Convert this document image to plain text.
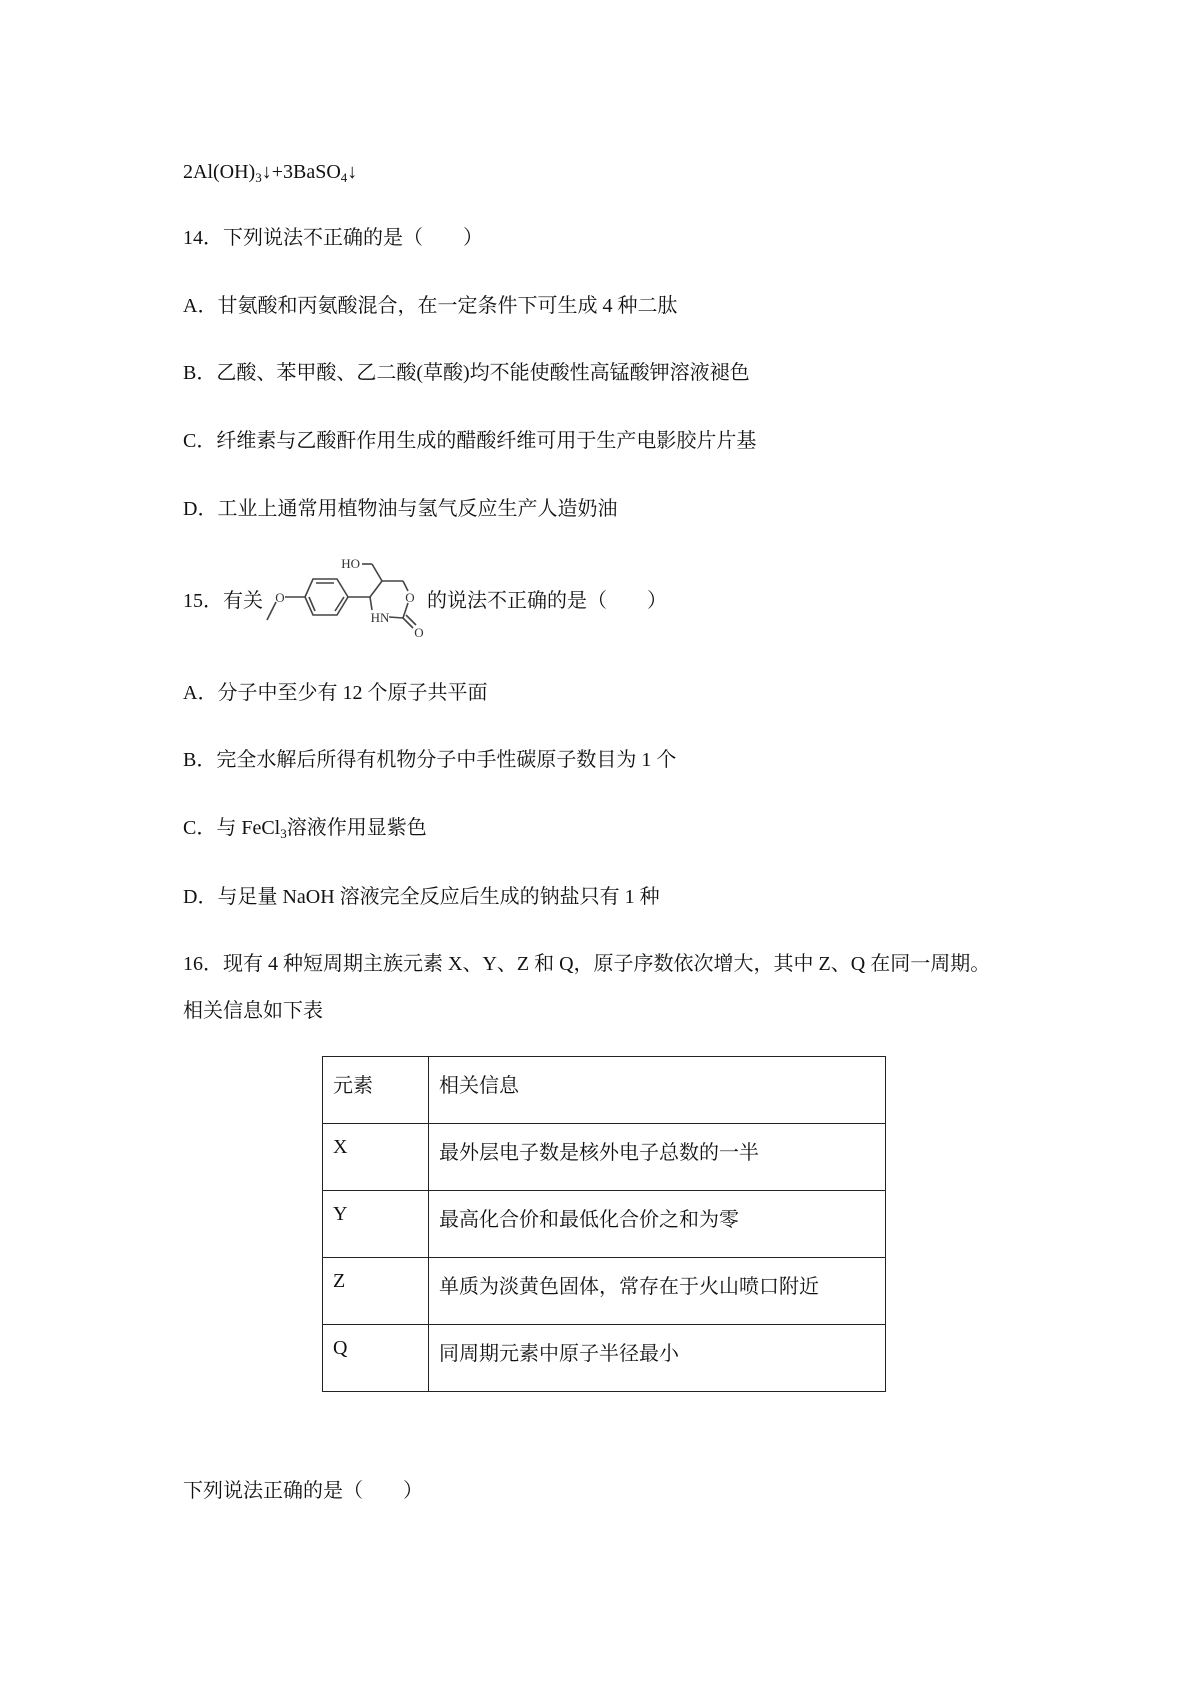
$2Al(OH)_3↓+3BaSO_4↓$
14．下列说法不正确的是（　　）
A．甘氨酸和丙氨酸混合，在一定条件下可生成 4 种二肽
B．乙酸、苯甲酸、乙二酸(草酸)均不能使酸性高锰酸钾溶液褪色
C．纤维素与乙酸酐作用生成的醋酸纤维可用于生产电影胶片片基
D．工业上通常用植物油与氢气反应生产人造奶油
15．有关 O
HO
O
HN
O
的说法不正确的是（　　）
A．分子中至少有 12 个原子共平面
B．完全水解后所得有机物分子中手性碳原子数目为 1 个
C．与 FeCl$_3$溶液作用显紫色
D．与足量 NaOH 溶液完全反应后生成的钠盐只有 1 种
16．现有 4 种短周期主族元素 X、Y、Z 和 Q，原子序数依次增大，其中 Z、Q 在同一周期。
相关信息如下表
元素	相关信息
X	最外层电子数是核外电子总数的一半
Y	最高化合价和最低化合价之和为零
Z	单质为淡黄色固体，常存在于火山喷口附近
Q	同周期元素中原子半径最小
下列说法正确的是（　　）
